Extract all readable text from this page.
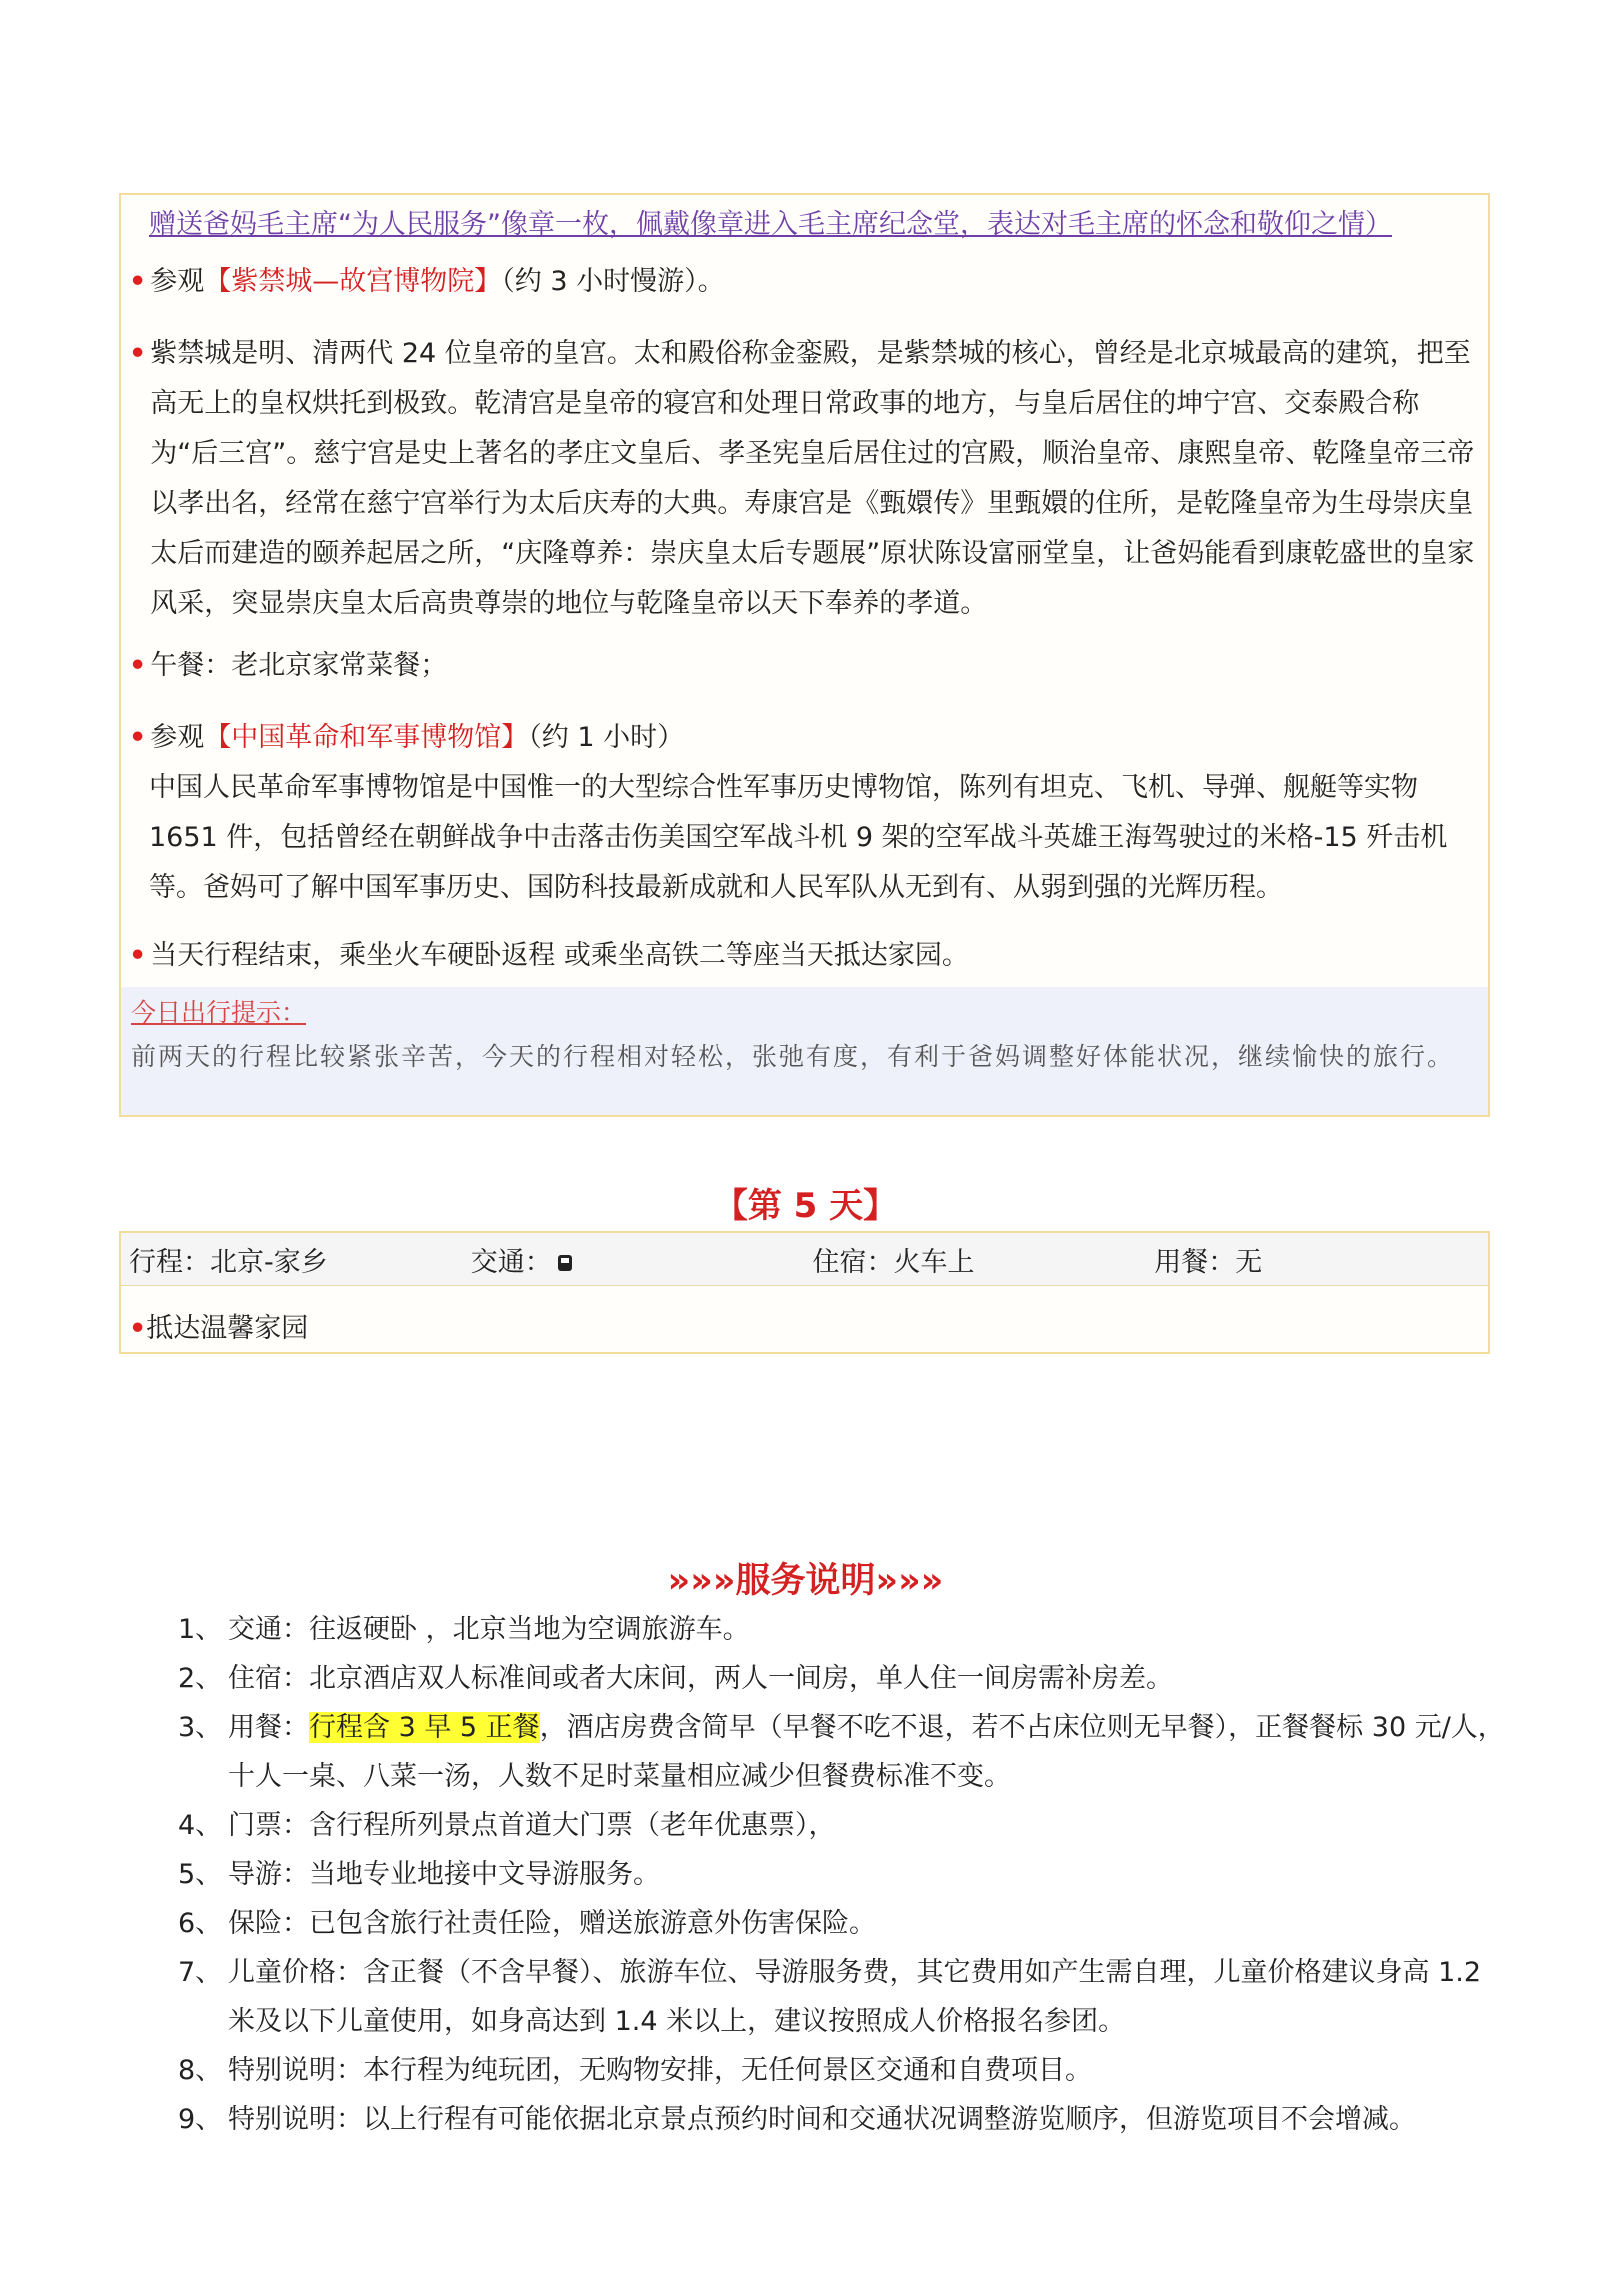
赠送爸妈毛主席“为人民服务”像章一枚，佩戴像章进入毛主席纪念堂，表达对毛主席的怀念和敬仰之情）
• 参观【紫禁城—故宫博物院】（约 3 小时慢游）。
• 紫禁城是明、清两代 24 位皇帝的皇宫。太和殿俗称金銮殿，是紫禁城的核心，曾经是北京城最高的建筑，把至高无上的皇权烘托到极致。乾清宫是皇帝的寝宫和处理日常政事的地方，与皇后居住的坤宁宫、交泰殿合称为“后三宫”。慈宁宫是史上著名的孝庄文皇后、孝圣宪皇后居住过的宫殿，顺治皇帝、康熙皇帝、乾隆皇帝三帝以孝出名，经常在慈宁宫举行为太后庆寿的大典。寿康宫是《甄嬛传》里甄嬛的住所，是乾隆皇帝为生母崇庆皇太后而建造的颐养起居之所，“庆隆尊养：崇庆皇太后专题展”原状陈设富丽堂皇，让爸妈能看到康乾盛世的皇家风采，突显崇庆皇太后高贵尊崇的地位与乾隆皇帝以天下奉养的孝道。
• 午餐：老北京家常菜餐；
• 参观【中国革命和军事博物馆】（约 1 小时）
中国人民革命军事博物馆是中国惟一的大型综合性军事历史博物馆，陈列有坦克、飞机、导弹、舰艇等实物 1651 件，包括曾经在朝鲜战争中击落击伤美国空军战斗机 9 架的空军战斗英雄王海驾驶过的米格-15 歼击机等。爸妈可了解中国军事历史、国防科技最新成就和人民军队从无到有、从弱到强的光辉历程。
• 当天行程结束，乘坐火车硬卧返程 或乘坐高铁二等座当天抵达家园。
今日出行提示：
前两天的行程比较紧张辛苦，今天的行程相对轻松，张弛有度，有利于爸妈调整好体能状况，继续愉快的旅行。
【第 5 天】
行程：北京-家乡	交通：	住宿：火车上	用餐：无
•抵达温馨家园
»»»服务说明»»»
1、 交通：往返硬卧 ，北京当地为空调旅游车。
2、 住宿：北京酒店双人标准间或者大床间，两人一间房，单人住一间房需补房差。
3、 用餐：行程含 3 早 5 正餐，酒店房费含简早（早餐不吃不退，若不占床位则无早餐），正餐餐标 30 元/人，十人一桌、八菜一汤，人数不足时菜量相应减少但餐费标准不变。
4、 门票：含行程所列景点首道大门票（老年优惠票），
5、 导游：当地专业地接中文导游服务。
6、 保险：已包含旅行社责任险，赠送旅游意外伤害保险。
7、 儿童价格：含正餐（不含早餐）、旅游车位、导游服务费，其它费用如产生需自理，儿童价格建议身高 1.2 米及以下儿童使用，如身高达到 1.4 米以上，建议按照成人价格报名参团。
8、 特别说明：本行程为纯玩团，无购物安排，无任何景区交通和自费项目。
9、 特别说明：以上行程有可能依据北京景点预约时间和交通状况调整游览顺序，但游览项目不会增减。
